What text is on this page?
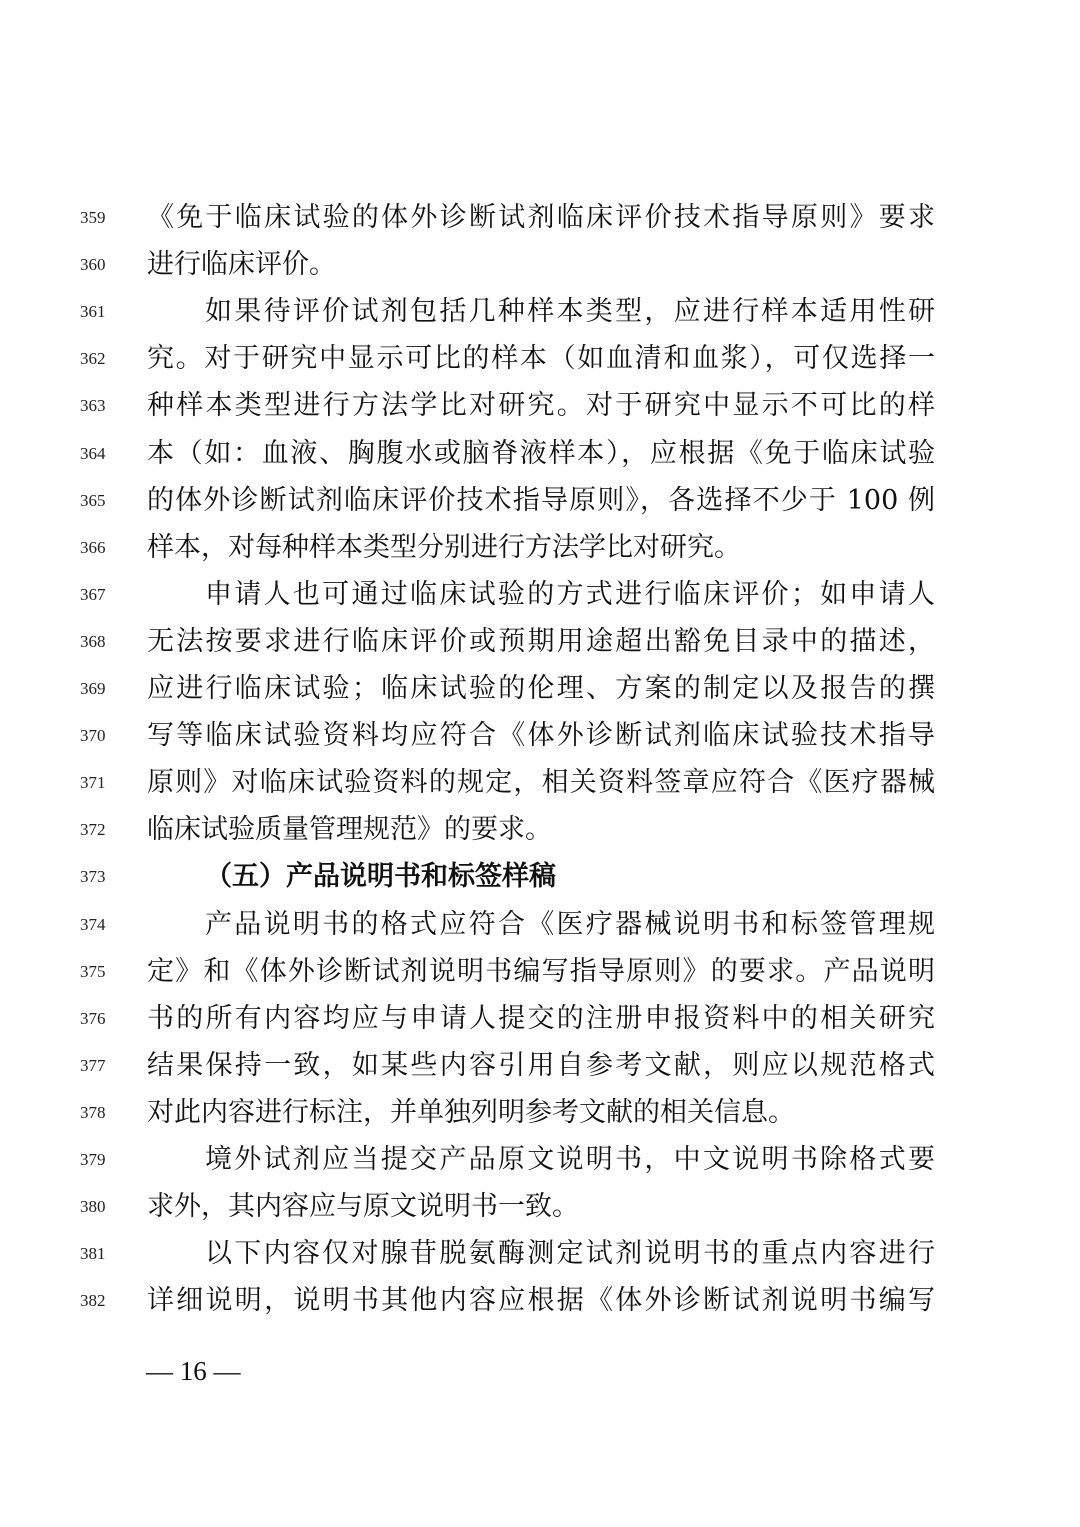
359	《免于临床试验的体外诊断试剂临床评价技术指导原则》要求
360	进行临床评价。
361	如果待评价试剂包括几种样本类型，应进行样本适用性研
362	究。对于研究中显示可比的样本（如血清和血浆），可仅选择一
363	种样本类型进行方法学比对研究。对于研究中显示不可比的样
364	本（如：血液、胸腹水或脑脊液样本），应根据《免于临床试验
365	的体外诊断试剂临床评价技术指导原则》，各选择不少于 100 例
366	样本，对每种样本类型分别进行方法学比对研究。
367	申请人也可通过临床试验的方式进行临床评价；如申请人
368	无法按要求进行临床评价或预期用途超出豁免目录中的描述，
369	应进行临床试验；临床试验的伦理、方案的制定以及报告的撰
370	写等临床试验资料均应符合《体外诊断试剂临床试验技术指导
371	原则》对临床试验资料的规定，相关资料签章应符合《医疗器械
372	临床试验质量管理规范》的要求。
373	（五）产品说明书和标签样稿
374	产品说明书的格式应符合《医疗器械说明书和标签管理规
375	定》和《体外诊断试剂说明书编写指导原则》的要求。产品说明
376	书的所有内容均应与申请人提交的注册申报资料中的相关研究
377	结果保持一致，如某些内容引用自参考文献，则应以规范格式
378	对此内容进行标注，并单独列明参考文献的相关信息。
379	境外试剂应当提交产品原文说明书，中文说明书除格式要
380	求外，其内容应与原文说明书一致。
381	以下内容仅对腺苷脱氨酶测定试剂说明书的重点内容进行
382	详细说明，说明书其他内容应根据《体外诊断试剂说明书编写
— 16 —
